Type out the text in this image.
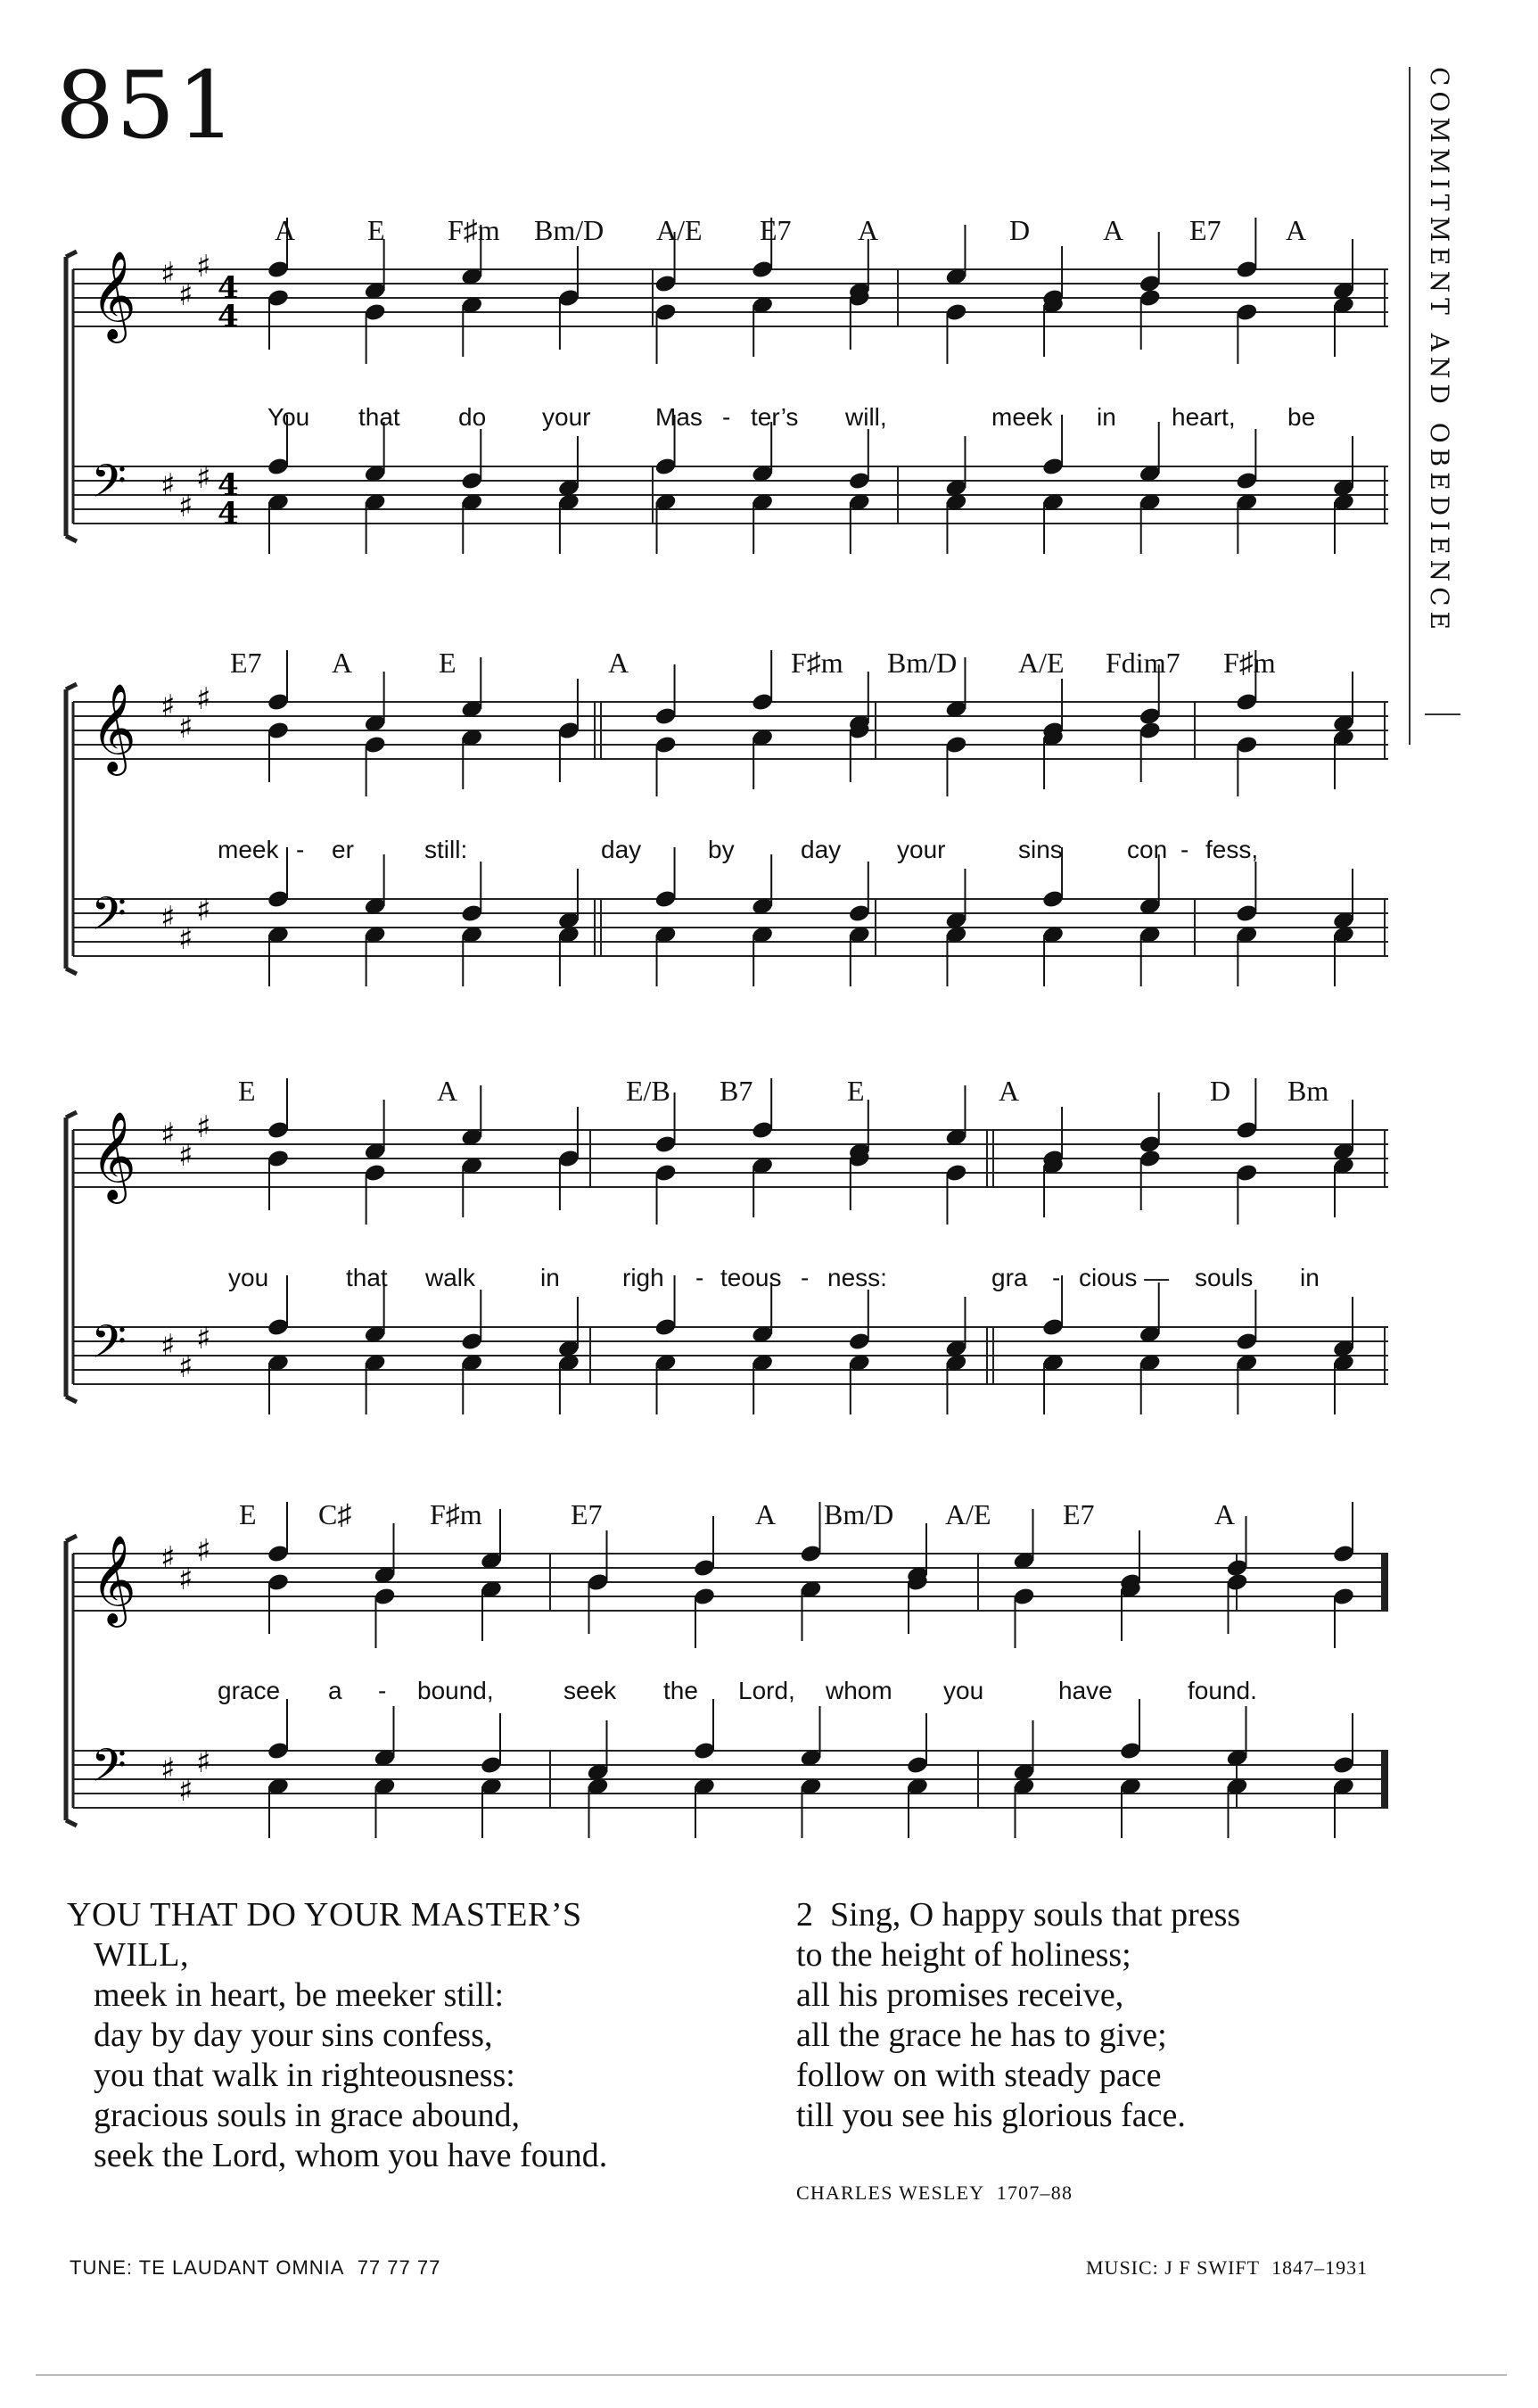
851	COMMITMENT AND OBEDIENCE
𝄞
𝄢
♯
♯
♯
♯
♯
♯
4
4
4
4
A	E F♯m Bm/D A/E E7 A	D	A E7 A
You that do your	Mas - ter’s will,	meek in heart, be
𝄞
𝄢
♯
♯
♯
♯
♯
♯
E7 A	E	A	F♯m Bm/D A/E Fdim7 F♯m
meek - er	still:	day	by	day your	sins	con - fess,
𝄞
𝄢
♯
♯
♯
♯
♯
♯
E	A	E/B B7	E	A	D Bm
you	that walk	in	righ - teous - ness:	gra - cious — souls in
𝄞
𝄢
♯
♯
♯
♯
♯
♯
E C♯	F♯m	E7	A Bm/D A/E	E7	A
grace a - bound,	seek the Lord, whom you	have	found.
YOU THAT DO YOUR MASTER’S
WILL,
meek in heart, be meeker still:
day by day your sins confess,
you that walk in righteousness:
gracious souls in grace abound,
seek the Lord, whom you have found.
2 Sing, O happy souls that press
to the height of holiness;
all his promises receive,
all the grace he has to give;
follow on with steady pace
till you see his glorious face.
CHARLES WESLEY 1707–88
TUNE: TE LAUDANT OMNIA 77 77 77	MUSIC: J F SWIFT 1847–1931
